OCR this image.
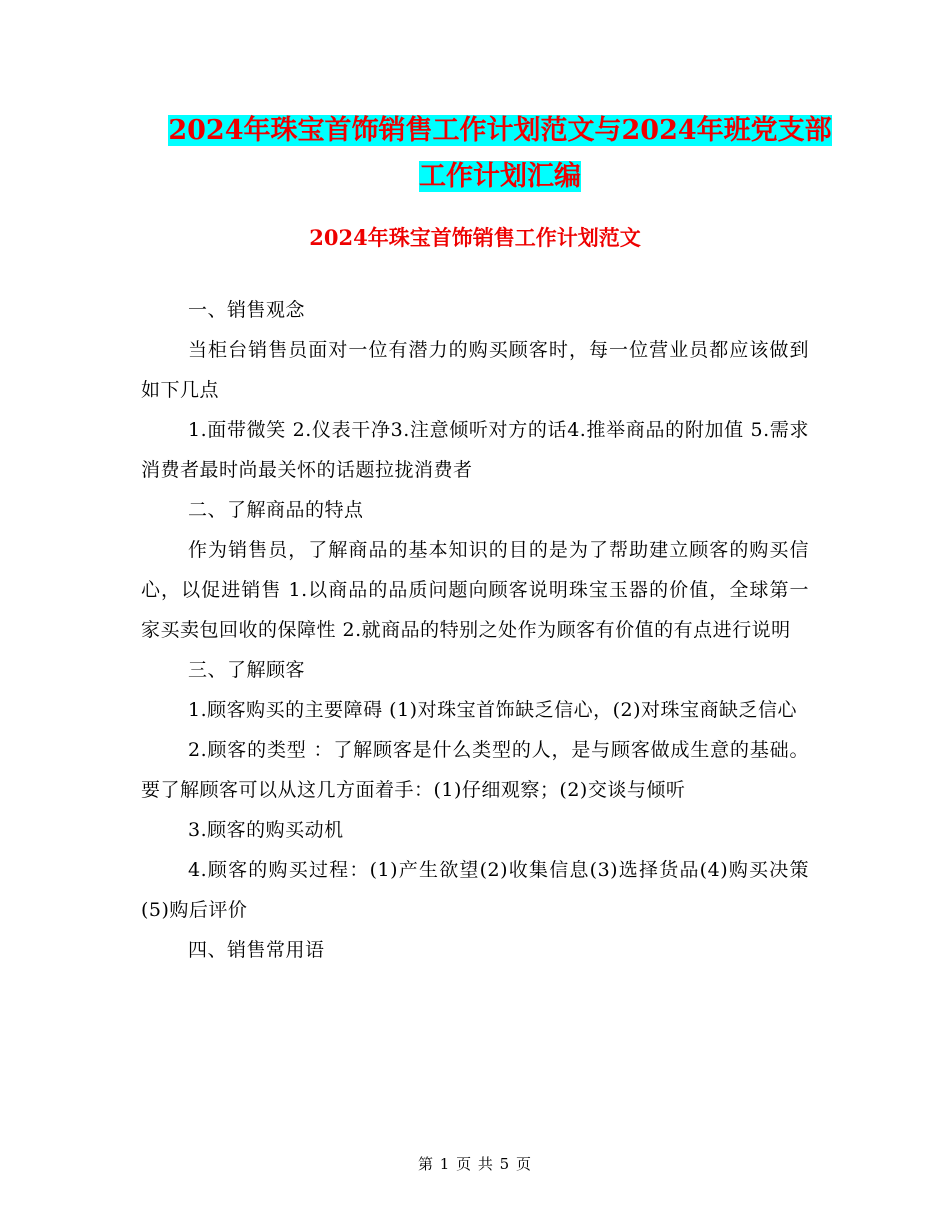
2024年珠宝首饰销售工作计划范文与2024年班党支部
工作计划汇编
2024年珠宝首饰销售工作计划范文

一、销售观念

当柜台销售员面对一位有潜力的购买顾客时，每一位营业员都应该做到如下几点

1.面带微笑 2.仪表干净3.注意倾听对方的话4.推举商品的附加值 5.需求消费者最时尚最关怀的话题拉拢消费者

二、了解商品的特点

作为销售员，了解商品的基本知识的目的是为了帮助建立顾客的购买信心，以促进销售 1.以商品的品质问题向顾客说明珠宝玉器的价值，全球第一家买卖包回收的保障性 2.就商品的特别之处作为顾客有价值的有点进行说明

三、了解顾客

1.顾客购买的主要障碍 (1)对珠宝首饰缺乏信心，(2)对珠宝商缺乏信心

2.顾客的类型 ：了解顾客是什么类型的人，是与顾客做成生意的基础。要了解顾客可以从这几方面着手：(1)仔细观察；(2)交谈与倾听

3.顾客的购买动机

4.顾客的购买过程：(1)产生欲望(2)收集信息(3)选择货品(4)购买决策(5)购后评价

四、销售常用语

第 1 页 共 5 页
